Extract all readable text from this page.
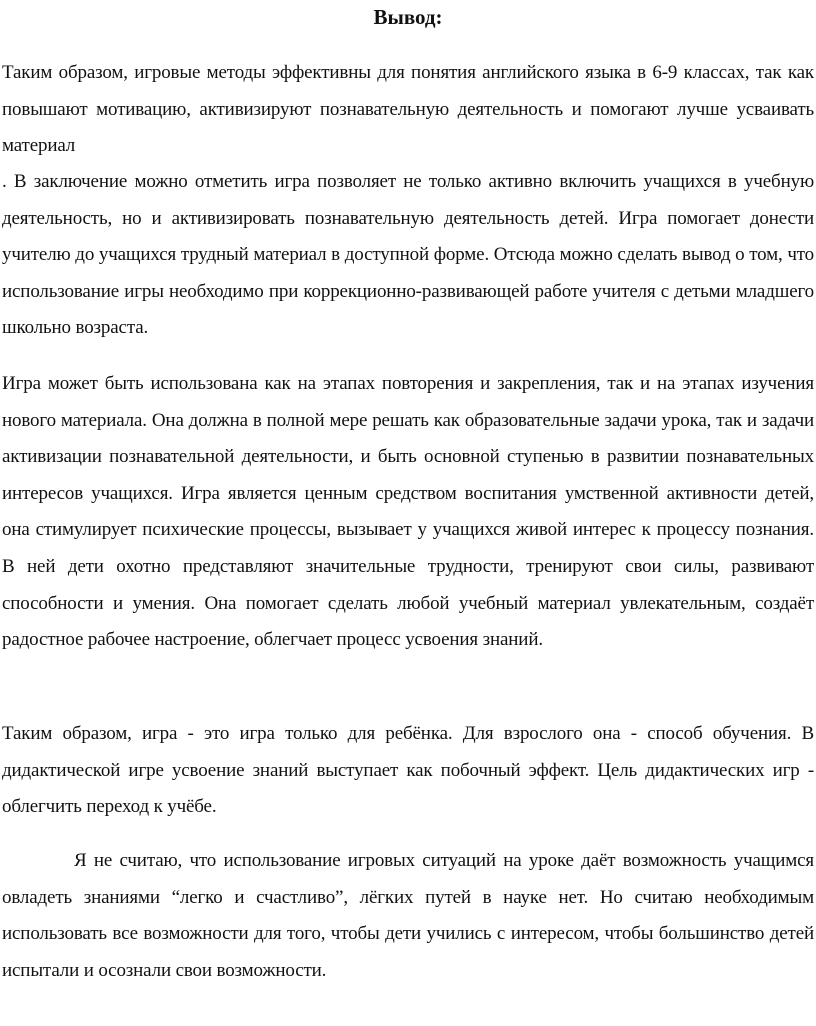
Вывод:

Таким образом, игровые методы эффективны для понятия английского языка в 6-9 классах, так как повышают мотивацию, активизируют познавательную деятельность и помогают лучше усваивать материал

. В заключение можно отметить игра позволяет не только активно включить учащихся в учебную деятельность, но и активизировать познавательную деятельность детей. Игра помогает донести учителю до учащихся трудный материал в доступной форме. Отсюда можно сделать вывод о том, что использование игры необходимо при коррекционно-развивающей работе учителя с детьми младшего школьно возраста.

Игра может быть использована как на этапах повторения и закрепления, так и на этапах изучения нового материала. Она должна в полной мере решать как образовательные задачи урока, так и задачи активизации познавательной деятельности, и быть основной ступенью в развитии познавательных интересов учащихся. Игра является ценным средством воспитания умственной активности детей, она стимулирует психические процессы, вызывает у учащихся живой интерес к процессу познания. В ней дети охотно представляют значительные трудности, тренируют свои силы, развивают способности и умения. Она помогает сделать любой учебный материал увлекательным, создаёт радостное рабочее настроение, облегчает процесс усвоения знаний.

Таким образом, игра - это игра только для ребёнка. Для взрослого она - способ обучения. В дидактической игре усвоение знаний выступает как побочный эффект. Цель дидактических игр - облегчить переход к учёбе.

Я не считаю, что использование игровых ситуаций на уроке даёт возможность учащимся овладеть знаниями “легко и счастливо”, лёгких путей в науке нет. Но считаю необходимым использовать все возможности для того, чтобы дети учились с интересом, чтобы большинство детей испытали и осознали свои возможности.
